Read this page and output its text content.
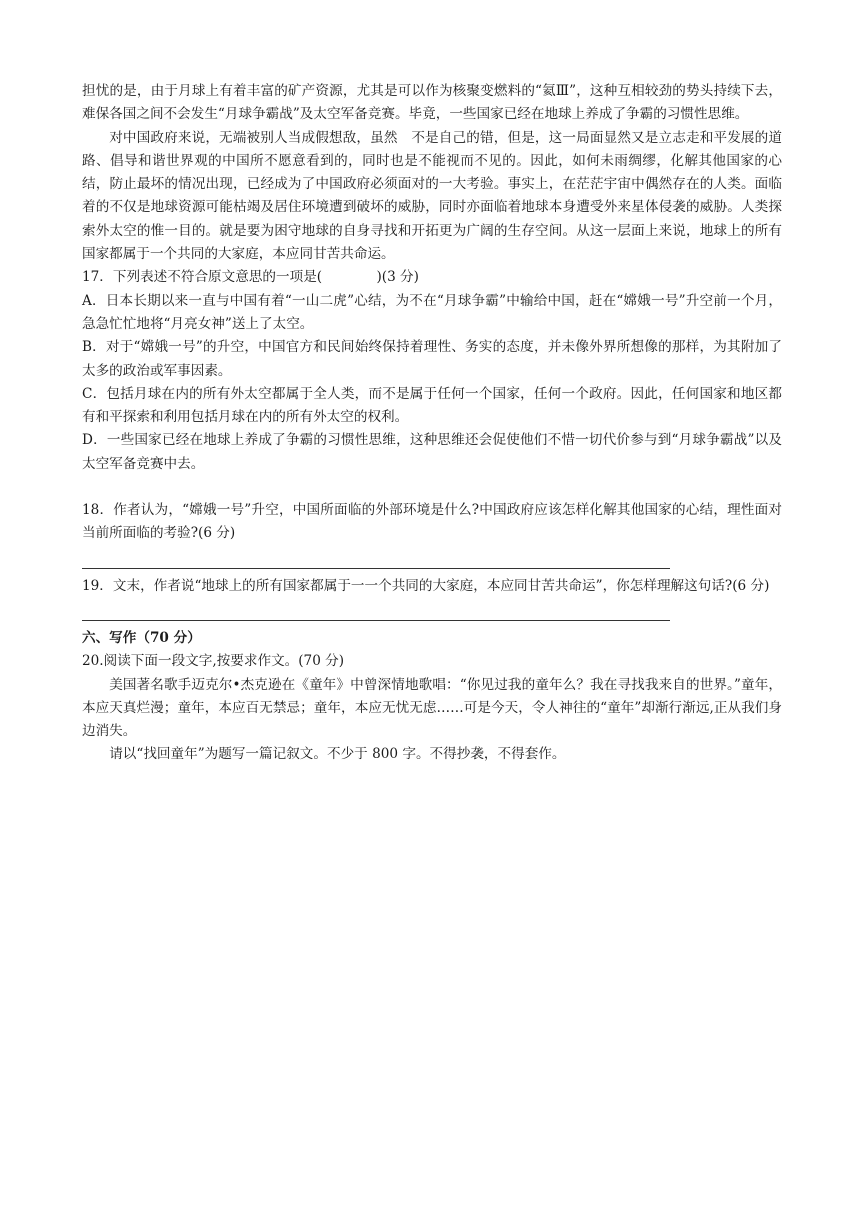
担忧的是，由于月球上有着丰富的矿产资源，尤其是可以作为核聚变燃料的“氦Ⅲ”，这种互相较劲的势头持续下去，难保各国之间不会发生“月球争霸战”及太空军备竞赛。毕竟，一些国家已经在地球上养成了争霸的习惯性思维。

对中国政府来说，无端被别人当成假想敌，虽然　不是自己的错，但是，这一局面显然又是立志走和平发展的道路、倡导和谐世界观的中国所不愿意看到的，同时也是不能视而不见的。因此，如何未雨绸缪，化解其他国家的心结，防止最坏的情况出现，已经成为了中国政府必须面对的一大考验。事实上，在茫茫宇宙中偶然存在的人类。面临着的不仅是地球资源可能枯竭及居住环境遭到破坏的威胁，同时亦面临着地球本身遭受外来星体侵袭的威胁。人类探索外太空的惟一目的。就是要为困守地球的自身寻找和开拓更为广阔的生存空间。从这一层面上来说，地球上的所有国家都属于一个共同的大家庭，本应同甘苦共命运。

17．下列表述不符合原文意思的一项是(　　　　)(3 分)

A．日本长期以来一直与中国有着“一山二虎”心结，为不在“月球争霸”中输给中国，赶在“嫦娥一号”升空前一个月，急急忙忙地将“月亮女神”送上了太空。

B．对于“嫦娥一号”的升空，中国官方和民间始终保持着理性、务实的态度，并未像外界所想像的那样，为其附加了太多的政治或军事因素。

C．包括月球在内的所有外太空都属于全人类，而不是属于任何一个国家，任何一个政府。因此，任何国家和地区都有和平探索和利用包括月球在内的所有外太空的权利。

D．一些国家已经在地球上养成了争霸的习惯性思维，这种思维还会促使他们不惜一切代价参与到“月球争霸战”以及太空军备竞赛中去。

18．作者认为，“嫦娥一号”升空，中国所面临的外部环境是什么?中国政府应该怎样化解其他国家的心结，理性面对当前所面临的考验?(6 分)

19．文末，作者说“地球上的所有国家都属于一一个共同的大家庭，本应同甘苦共命运”，你怎样理解这句话?(6 分)

六、写作（70 分）

20.阅读下面一段文字,按要求作文。(70 分)

美国著名歌手迈克尔•杰克逊在《童年》中曾深情地歌唱：“你见过我的童年么？我在寻找我来自的世界。”童年，本应天真烂漫；童年，本应百无禁忌；童年，本应无忧无虑……可是今天，令人神往的“童年”却渐行渐远,正从我们身边消失。

请以“找回童年”为题写一篇记叙文。不少于 800 字。不得抄袭，不得套作。
